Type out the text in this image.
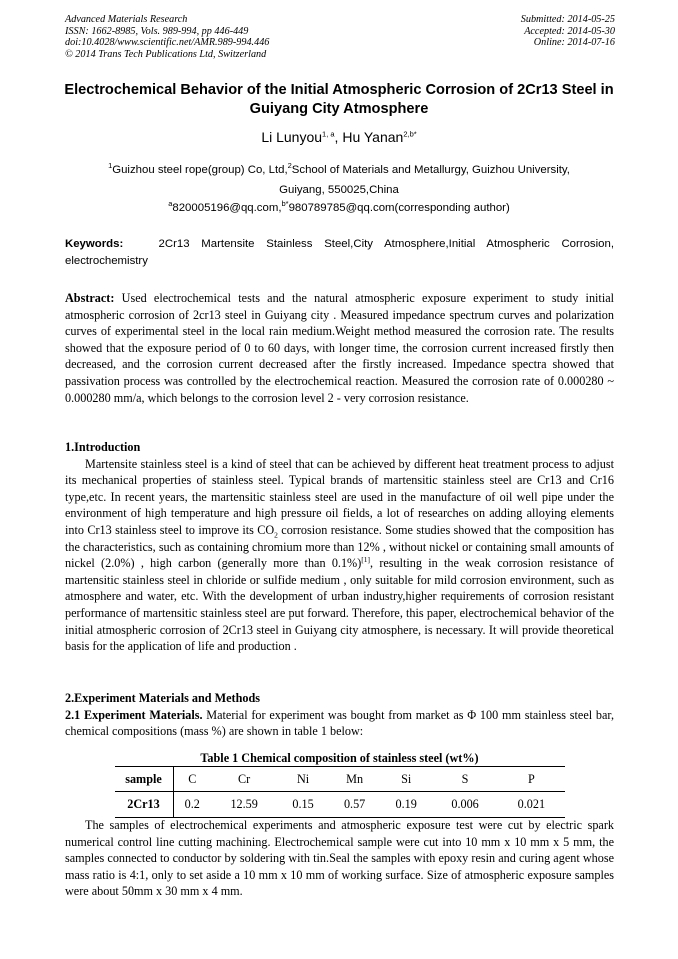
Advanced Materials Research
ISSN: 1662-8985, Vols. 989-994, pp 446-449
doi:10.4028/www.scientific.net/AMR.989-994.446
© 2014 Trans Tech Publications Ltd, Switzerland
Submitted: 2014-05-25
Accepted: 2014-05-30
Online: 2014-07-16
Electrochemical Behavior of the Initial Atmospheric Corrosion of 2Cr13 Steel in Guiyang City Atmosphere
Li Lunyou$^{1, a}$, Hu Yanan$^{2,b*}$
$^1$Guizhou steel rope(group) Co, Ltd,$^2$School of Materials and Metallurgy, Guizhou University,
Guiyang, 550025,China
$^a$820005196@qq.com,$^{b*}$980789785@qq.com(corresponding author)
Keywords:	2Cr13 Martensite Stainless Steel,City Atmosphere,Initial Atmospheric Corrosion, electrochemistry
Abstract: Used electrochemical tests and the natural atmospheric exposure experiment to study initial atmospheric corrosion of 2cr13 steel in Guiyang city . Measured impedance spectrum curves and polarization curves of experimental steel in the local rain medium.Weight method measured the corrosion rate. The results showed that the exposure period of 0 to 60 days, with longer time, the corrosion current increased firstly then decreased, and the corrosion current decreased after the firstly increased. Impedance spectra showed that passivation process was controlled by the electrochemical reaction. Measured the corrosion rate of 0.000280 ~ 0.000280 mm/a, which belongs to the corrosion level 2 - very corrosion resistance.
1.Introduction
Martensite stainless steel is a kind of steel that can be achieved by different heat treatment process to adjust its mechanical properties of stainless steel. Typical brands of martensitic stainless steel are Cr13 and Cr16 type,etc. In recent years, the martensitic stainless steel are used in the manufacture of oil well pipe under the environment of high temperature and high pressure oil fields, a lot of researches on adding alloying elements into Cr13 stainless steel to improve its $CO_2$ corrosion resistance. Some studies showed that the composition has the characteristics, such as containing chromium more than 12% , without nickel or containing small amounts of nickel (2.0%) , high carbon (generally more than 0.1%)[1], resulting in the weak corrosion resistance of martensitic stainless steel in chloride or sulfide medium , only suitable for mild corrosion environment, such as atmosphere and water, etc. With the development of urban industry,higher requirements of corrosion resistant performance of martensitic stainless steel are put forward. Therefore, this paper, electrochemical behavior of the initial atmospheric corrosion of 2Cr13 steel in Guiyang city atmosphere, is necessary. It will provide theoretical basis for the application of life and production .
2.Experiment Materials and Methods
2.1 Experiment Materials. Material for experiment was bought from market as Φ 100 mm stainless steel bar, chemical compositions (mass %) are shown in table 1 below:
Table 1 Chemical composition of stainless steel (wt%)
sample	C	Cr	Ni	Mn	Si	S	P
2Cr13	0.2	12.59	0.15	0.57	0.19	0.006	0.021
The samples of electrochemical experiments and atmospheric exposure test were cut by electric spark numerical control line cutting machining. Electrochemical sample were cut into 10 mm x 10 mm x 5 mm, the samples connected to conductor by soldering with tin.Seal the samples with epoxy resin and curing agent whose mass ratio is 4:1, only to set aside a 10 mm x 10 mm of working surface. Size of atmospheric exposure samples were about 50mm x 30 mm x 4 mm.
